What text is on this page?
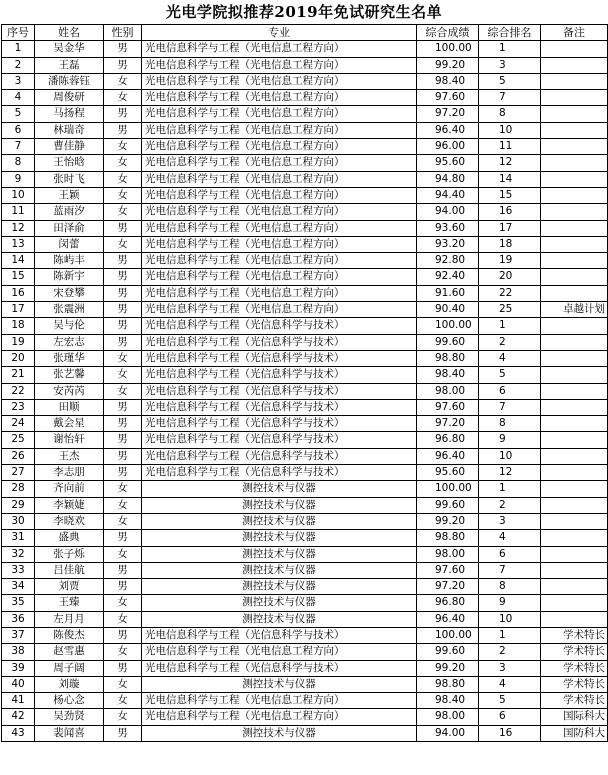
光电学院拟推荐2019年免试研究生名单
序号	姓名	性别	专业	综合成绩	综合排名	备注
1	吴金华	男	光电信息科学与工程（光电信息工程方向）	100.00	1	
2	王磊	男	光电信息科学与工程（光电信息工程方向）	99.20	3	
3	潘陈蓉钰	女	光电信息科学与工程（光电信息工程方向）	98.40	5	
4	周俊研	女	光电信息科学与工程（光电信息工程方向）	97.60	7	
5	马扬程	男	光电信息科学与工程（光电信息工程方向）	97.20	8	
6	林瑞奇	男	光电信息科学与工程（光电信息工程方向）	96.40	10	
7	曹佳静	女	光电信息科学与工程（光电信息工程方向）	96.00	11	
8	王怡晗	女	光电信息科学与工程（光电信息工程方向）	95.60	12	
9	张时飞	女	光电信息科学与工程（光电信息工程方向）	94.80	14	
10	王颖	女	光电信息科学与工程（光电信息工程方向）	94.40	15	
11	蓝雨汐	女	光电信息科学与工程（光电信息工程方向）	94.00	16	
12	田泽俞	男	光电信息科学与工程（光电信息工程方向）	93.60	17	
13	闵蕾	女	光电信息科学与工程（光电信息工程方向）	93.20	18	
14	陈屿丰	男	光电信息科学与工程（光电信息工程方向）	92.80	19	
15	陈新宇	男	光电信息科学与工程（光电信息工程方向）	92.40	20	
16	宋登攀	男	光电信息科学与工程（光电信息工程方向）	91.60	22	
17	张震洲	男	光电信息科学与工程（光电信息工程方向）	90.40	25	卓越计划
18	吴与伦	男	光电信息科学与工程（光信息科学与技术）	100.00	1	
19	左宏志	男	光电信息科学与工程（光信息科学与技术）	99.60	2	
20	张瑾华	女	光电信息科学与工程（光信息科学与技术）	98.80	4	
21	张艺馨	女	光电信息科学与工程（光信息科学与技术）	98.40	5	
22	安芮芮	女	光电信息科学与工程（光信息科学与技术）	98.00	6	
23	田顺	男	光电信息科学与工程（光信息科学与技术）	97.60	7	
24	戴会星	男	光电信息科学与工程（光信息科学与技术）	97.20	8	
25	谢怡轩	男	光电信息科学与工程（光信息科学与技术）	96.80	9	
26	王杰	男	光电信息科学与工程（光信息科学与技术）	96.40	10	
27	李志朋	男	光电信息科学与工程（光信息科学与技术）	95.60	12	
28	齐向前	女	测控技术与仪器	100.00	1	
29	李颖婕	女	测控技术与仪器	99.60	2	
30	李晓欢	女	测控技术与仪器	99.20	3	
31	盛典	男	测控技术与仪器	98.80	4	
32	张子烁	女	测控技术与仪器	98.00	6	
33	吕佳航	男	测控技术与仪器	97.60	7	
34	刘贾	男	测控技术与仪器	97.20	8	
35	王臻	女	测控技术与仪器	96.80	9	
36	左月月	女	测控技术与仪器	96.40	10	
37	陈俊杰	男	光电信息科学与工程（光信息科学与技术）	100.00	1	学术特长
38	赵雪惠	女	光电信息科学与工程（光电信息工程方向）	99.60	2	学术特长
39	周子阔	男	光电信息科学与工程（光信息科学与技术）	99.20	3	学术特长
40	刘璇	女	测控技术与仪器	98.80	4	学术特长
41	杨心念	女	光电信息科学与工程（光电信息工程方向）	98.40	5	学术特长
42	吴劲贤	女	光电信息科学与工程（光电信息工程方向）	98.00	6	国际科大
43	裴闻喜	男	测控技术与仪器	94.00	16	国防科大
